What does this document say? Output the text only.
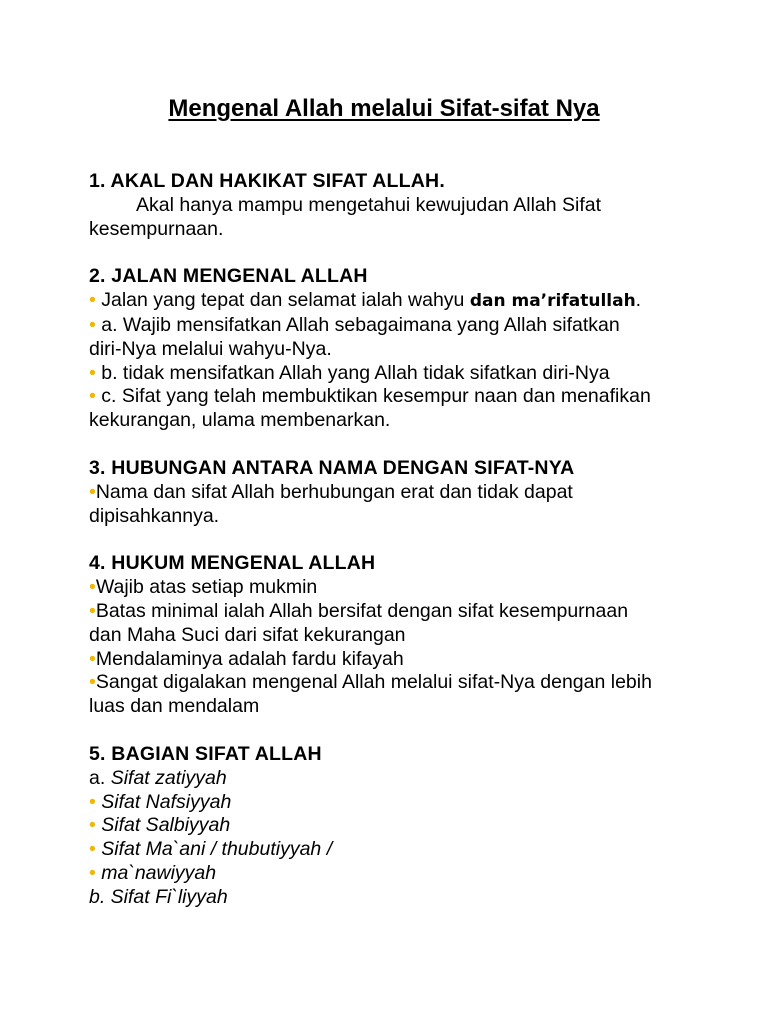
Mengenal Allah melalui Sifat-sifat Nya
1. AKAL DAN HAKIKAT SIFAT ALLAH.
Akal hanya mampu mengetahui kewujudan Allah Sifat
kesempurnaan.
2. JALAN MENGENAL ALLAH
• Jalan yang tepat dan selamat ialah wahyu dan ma’rifatullah.
• a. Wajib mensifatkan Allah sebagaimana yang Allah sifatkan
diri-Nya melalui wahyu-Nya.
• b. tidak mensifatkan Allah yang Allah tidak sifatkan diri-Nya
• c. Sifat yang telah membuktikan kesempur naan dan menafikan
kekurangan, ulama membenarkan.
3. HUBUNGAN ANTARA NAMA DENGAN SIFAT-NYA
•Nama dan sifat Allah berhubungan erat dan tidak dapat
dipisahkannya.
4. HUKUM MENGENAL ALLAH
•Wajib atas setiap mukmin
•Batas minimal ialah Allah bersifat dengan sifat kesempurnaan
dan Maha Suci dari sifat kekurangan
•Mendalaminya adalah fardu kifayah
•Sangat digalakan mengenal Allah melalui sifat-Nya dengan lebih
luas dan mendalam
5. BAGIAN SIFAT ALLAH
a. Sifat zatiyyah
• Sifat Nafsiyyah
• Sifat Salbiyyah
• Sifat Ma`ani / thubutiyyah /
• ma`nawiyyah
b. Sifat Fi`liyyah
